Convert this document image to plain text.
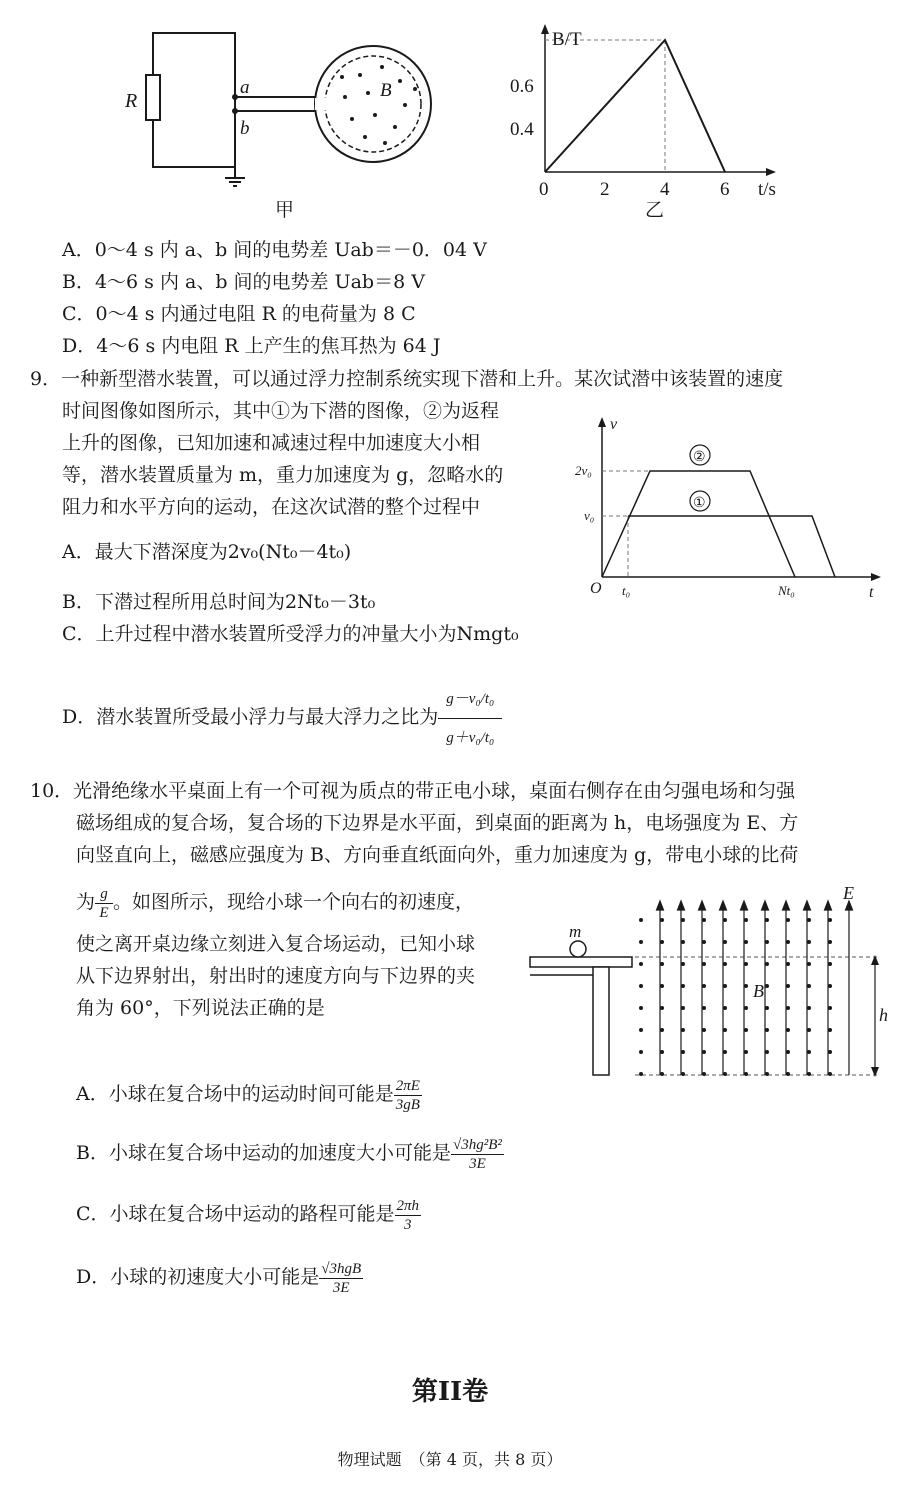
R
a
b
B
甲
B/T
t/s
0.6
0.4
0	2	4	6
乙
A．0～4 s 内 a、b 间的电势差 Uab＝－0．04 V
B．4～6 s 内 a、b 间的电势差 Uab＝8 V
C．0～4 s 内通过电阻 R 的电荷量为 8 C
D．4～6 s 内电阻 R 上产生的焦耳热为 64 J
9．一种新型潜水装置，可以通过浮力控制系统实现下潜和上升。某次试潜中该装置的速度
时间图像如图所示，其中①为下潜的图像，②为返程
上升的图像，已知加速和减速过程中加速度大小相
等，潜水装置质量为 m，重力加速度为 g，忽略水的
阻力和水平方向的运动，在这次试潜的整个过程中
A．最大下潜深度为2v₀(Nt₀－4t₀)
B．下潜过程所用总时间为2Nt₀－3t₀
C．上升过程中潜水装置所受浮力的冲量大小为Nmgt₀
D．潜水装置所受最小浮力与最大浮力之比为 $\frac{\text{g－v₀/t₀}}{\text{g＋v₀/t₀}}$
②
①
v
t
O
2v₀
v₀
t₀	Nt₀
10．光滑绝缘水平桌面上有一个可视为质点的带正电小球，桌面右侧存在由匀强电场和匀强
磁场组成的复合场，复合场的下边界是水平面，到桌面的距离为 h，电场强度为 E、方
向竖直向上，磁感应强度为 B、方向垂直纸面向外，重力加速度为 g，带电小球的比荷
为 $\frac{g}{E}$ 。如图所示，现给小球一个向右的初速度，
使之离开桌边缘立刻进入复合场运动，已知小球
从下边界射出，射出时的速度方向与下边界的夹
角为 60°，下列说法正确的是
m
E
B
h
A．小球在复合场中的运动时间可能是 $\frac{2\pi E}{3gB}$
B．小球在复合场中运动的加速度大小可能是 $\frac{\text{√3hg²B²}}{3E}$
C．小球在复合场中运动的路程可能是 $\frac{2\pi h}{3}$
D．小球的初速度大小可能是 $\frac{\text{√3hgB}}{3E}$
第II卷
物理试题　（第 4 页，共 8 页）
